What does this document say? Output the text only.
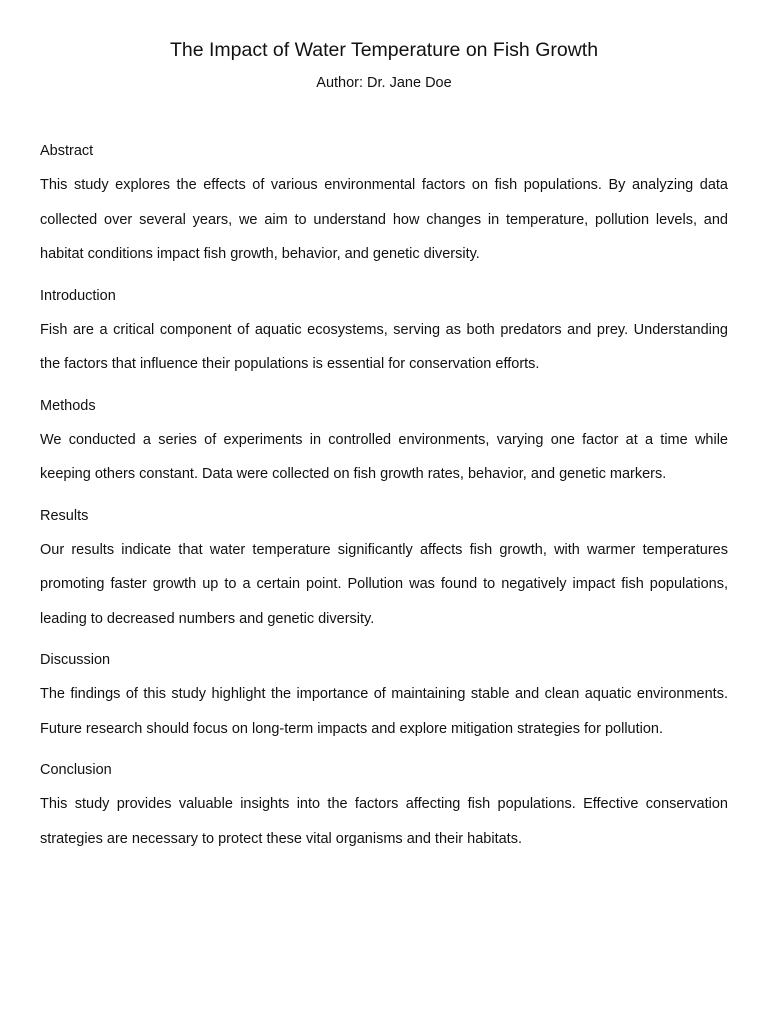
The Impact of Water Temperature on Fish Growth
Author: Dr. Jane Doe
Abstract

This study explores the effects of various environmental factors on fish populations. By analyzing data collected over several years, we aim to understand how changes in temperature, pollution levels, and habitat conditions impact fish growth, behavior, and genetic diversity.

Introduction

Fish are a critical component of aquatic ecosystems, serving as both predators and prey. Understanding the factors that influence their populations is essential for conservation efforts.

Methods

We conducted a series of experiments in controlled environments, varying one factor at a time while keeping others constant. Data were collected on fish growth rates, behavior, and genetic markers.

Results

Our results indicate that water temperature significantly affects fish growth, with warmer temperatures promoting faster growth up to a certain point. Pollution was found to negatively impact fish populations, leading to decreased numbers and genetic diversity.

Discussion

The findings of this study highlight the importance of maintaining stable and clean aquatic environments. Future research should focus on long-term impacts and explore mitigation strategies for pollution.

Conclusion

This study provides valuable insights into the factors affecting fish populations. Effective conservation strategies are necessary to protect these vital organisms and their habitats.
